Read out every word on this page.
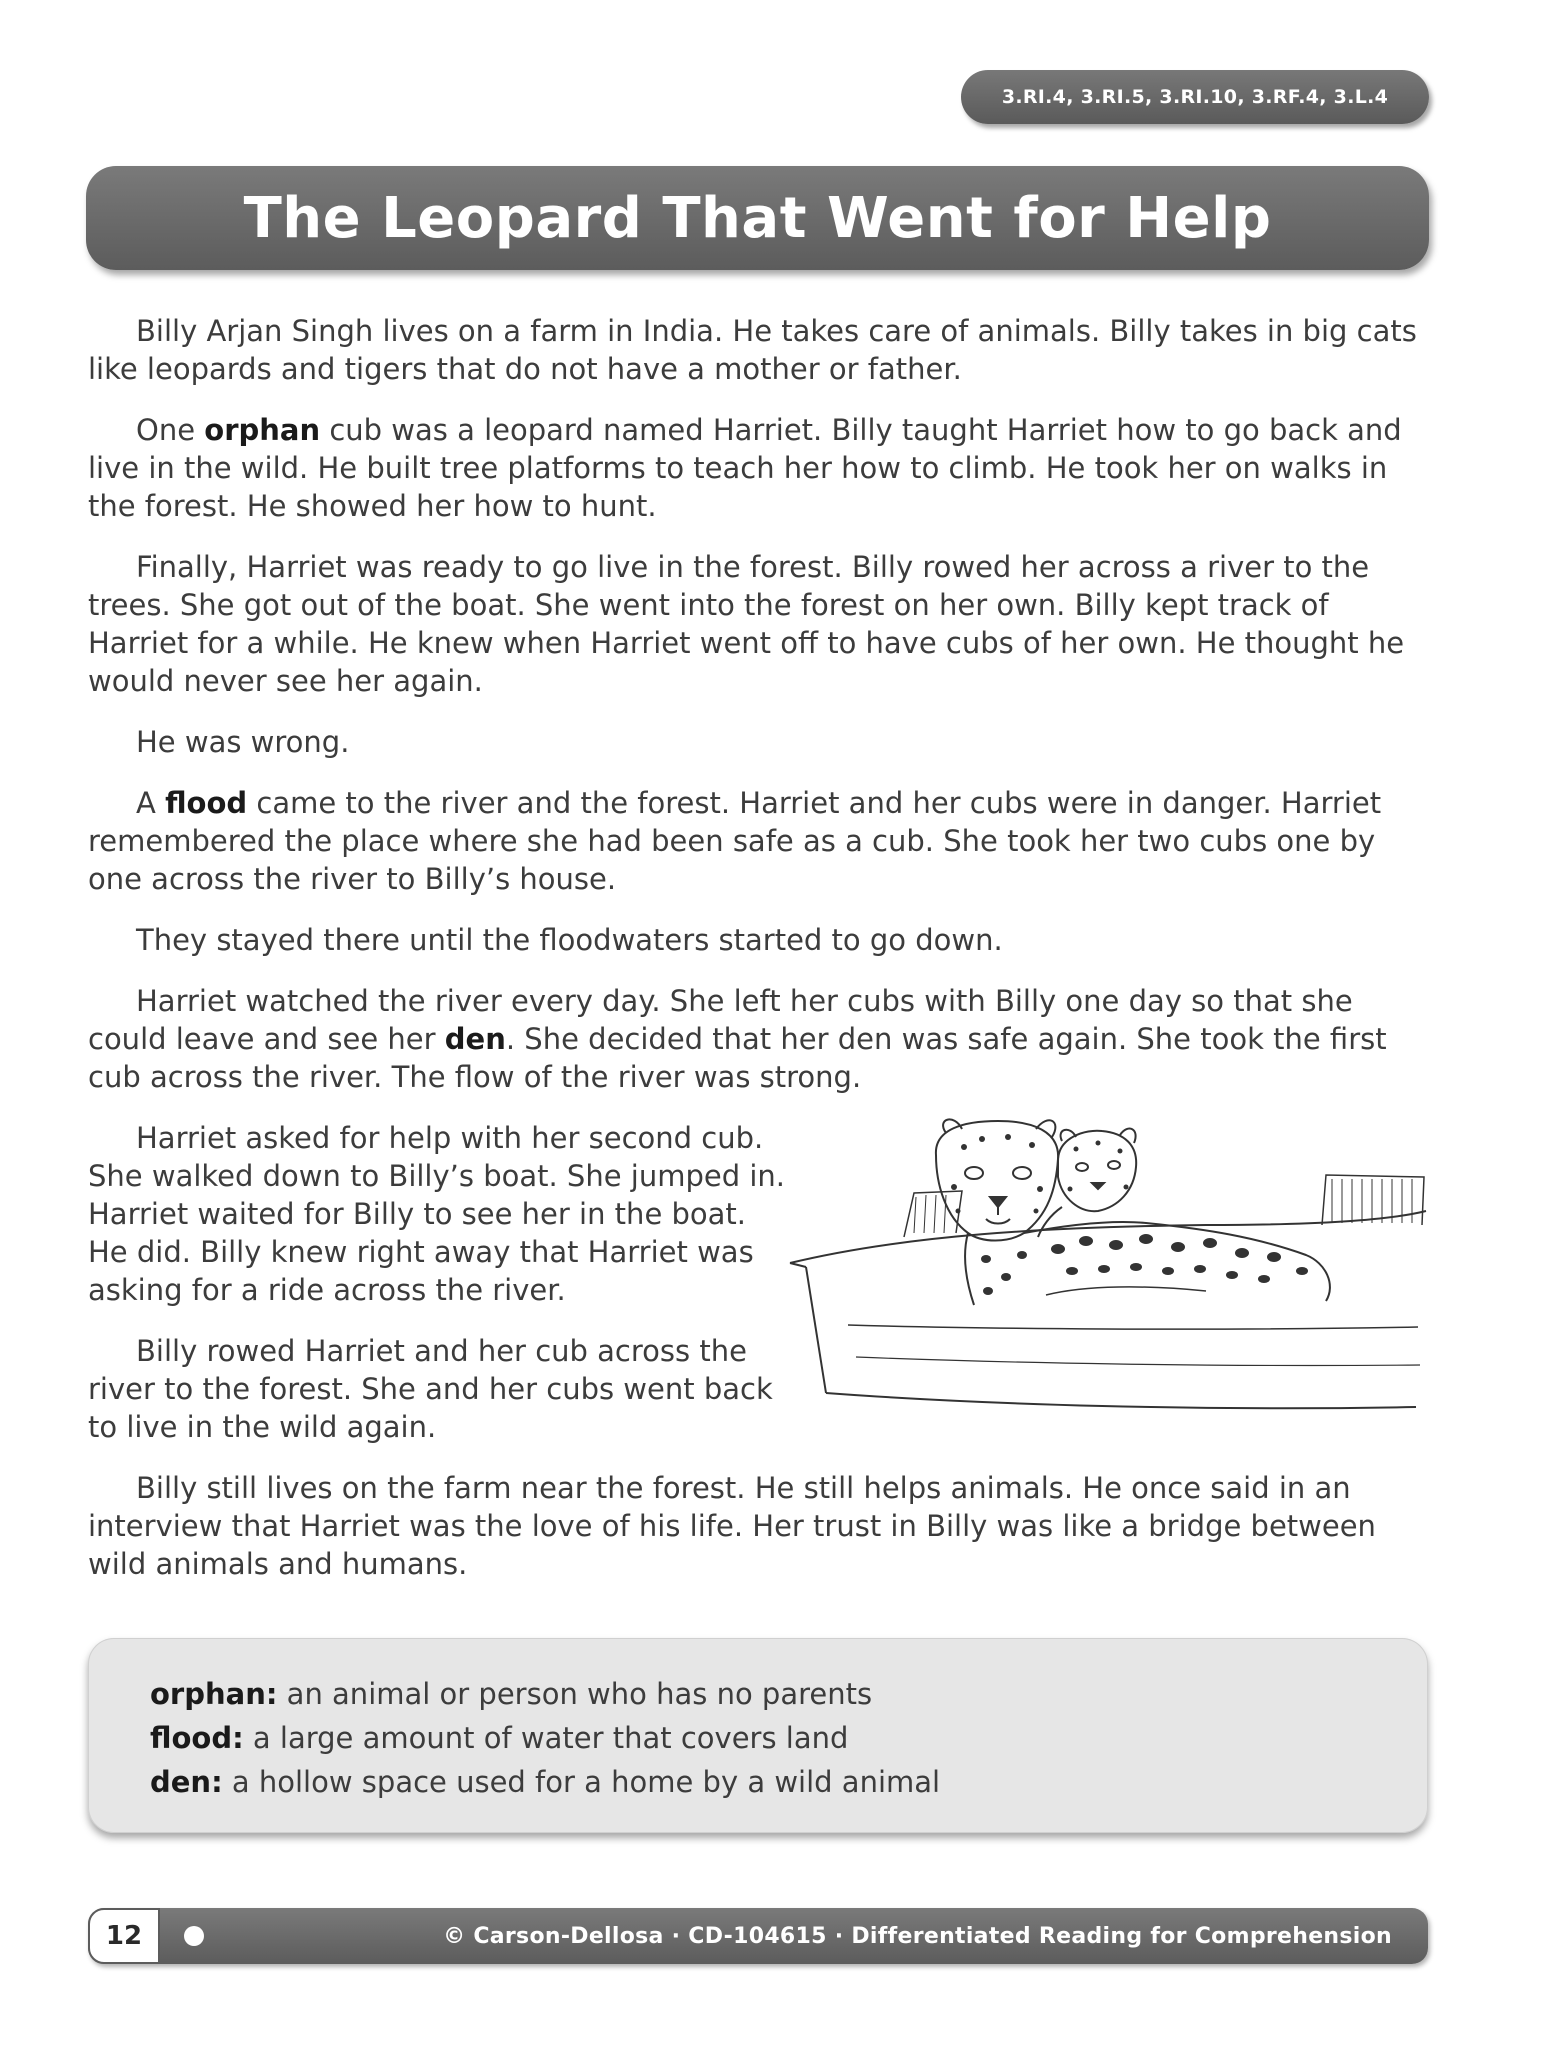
3.RI.4, 3.RI.5, 3.RI.10, 3.RF.4, 3.L.4
The Leopard That Went for Help

Billy Arjan Singh lives on a farm in India. He takes care of animals. Billy takes in big cats like leopards and tigers that do not have a mother or father.

One orphan cub was a leopard named Harriet. Billy taught Harriet how to go back and live in the wild. He built tree platforms to teach her how to climb. He took her on walks in the forest. He showed her how to hunt.

Finally, Harriet was ready to go live in the forest. Billy rowed her across a river to the trees. She got out of the boat. She went into the forest on her own. Billy kept track of Harriet for a while. He knew when Harriet went off to have cubs of her own. He thought he would never see her again.

He was wrong.

A flood came to the river and the forest. Harriet and her cubs were in danger. Harriet remembered the place where she had been safe as a cub. She took her two cubs one by one across the river to Billy’s house.

They stayed there until the floodwaters started to go down.

Harriet watched the river every day. She left her cubs with Billy one day so that she could leave and see her den. She decided that her den was safe again. She took the first cub across the river. The flow of the river was strong.

Harriet asked for help with her second cub. She walked down to Billy’s boat. She jumped in. Harriet waited for Billy to see her in the boat. He did. Billy knew right away that Harriet was asking for a ride across the river.

Billy rowed Harriet and her cub across the river to the forest. She and her cubs went back to live in the wild again.

Billy still lives on the farm near the forest. He still helps animals. He once said in an interview that Harriet was the love of his life. Her trust in Billy was like a bridge between wild animals and humans.

orphan: an animal or person who has no parents
flood: a large amount of water that covers land
den: a hollow space used for a home by a wild animal
12	© Carson-Dellosa · CD-104615 · Differentiated Reading for Comprehension
